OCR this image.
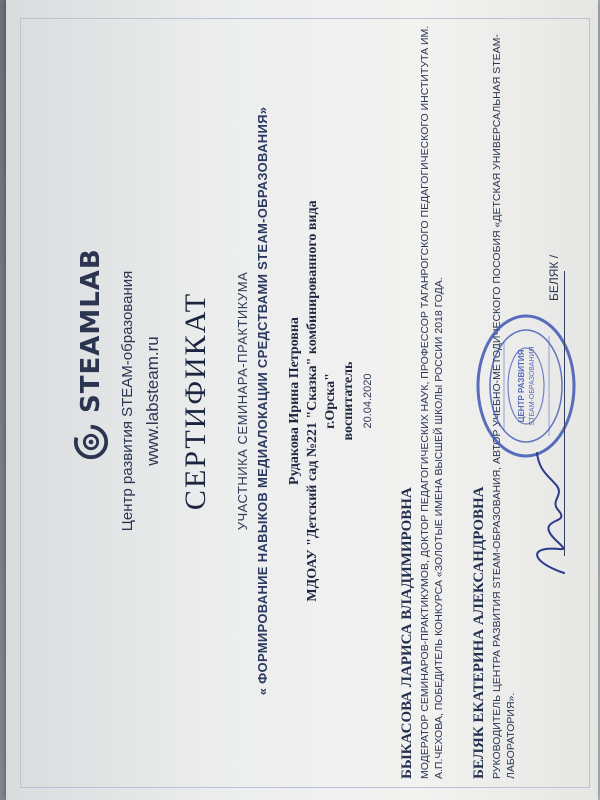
STEAMLAB Центр развития STEAM-образования www.labsteam.ru СЕРТИФИКАТ УЧАСТНИКА СЕМИНАРА-ПРАКТИКУМА « ФОРМИРОВАНИЕ НАВЫКОВ МЕДИАЛОКАЦИИ СРЕДСТВАМИ STEAM-ОБРАЗОВАНИЯ» Рудакова Ирина Петровна МДОАУ "Детский сад №221 "Сказка" комбинированного вида г.Орска" воспитатель 20.04.2020
БЫКАСОВА ЛАРИСА ВЛАДИМИРОВНА МОДЕРАТОР СЕМИНАРОВ-ПРАКТИКУМОВ, ДОКТОР ПЕДАГОГИЧЕСКИХ НАУК, ПРОФЕССОР ТАГАНРОГСКОГО ПЕДАГОГИЧЕСКОГО ИНСТИТУТА ИМ. А.П.ЧЕХОВА, ПОБЕДИТЕЛЬ КОНКУРСА «ЗОЛОТЫЕ ИМЕНА ВЫСШЕЙ ШКОЛЫ РОССИИ 2018 ГОДА. БЕЛЯК ЕКАТЕРИНА АЛЕКСАНДРОВНА РУКОВОДИТЕЛЬ ЦЕНТРА РАЗВИТИЯ STEAM-ОБРАЗОВАНИЯ, АВТОР УЧЕБНО-МЕТОДИЧЕСКОГО ПОСОБИЯ «ДЕТСКАЯ УНИВЕРСАЛЬНАЯ STEAM- ЛАБОРАТОРИЯ».
ЦЕНТР РАЗВИТИЯ STEAM-ОБРАЗОВАНИЯ
БЕЛЯК /
